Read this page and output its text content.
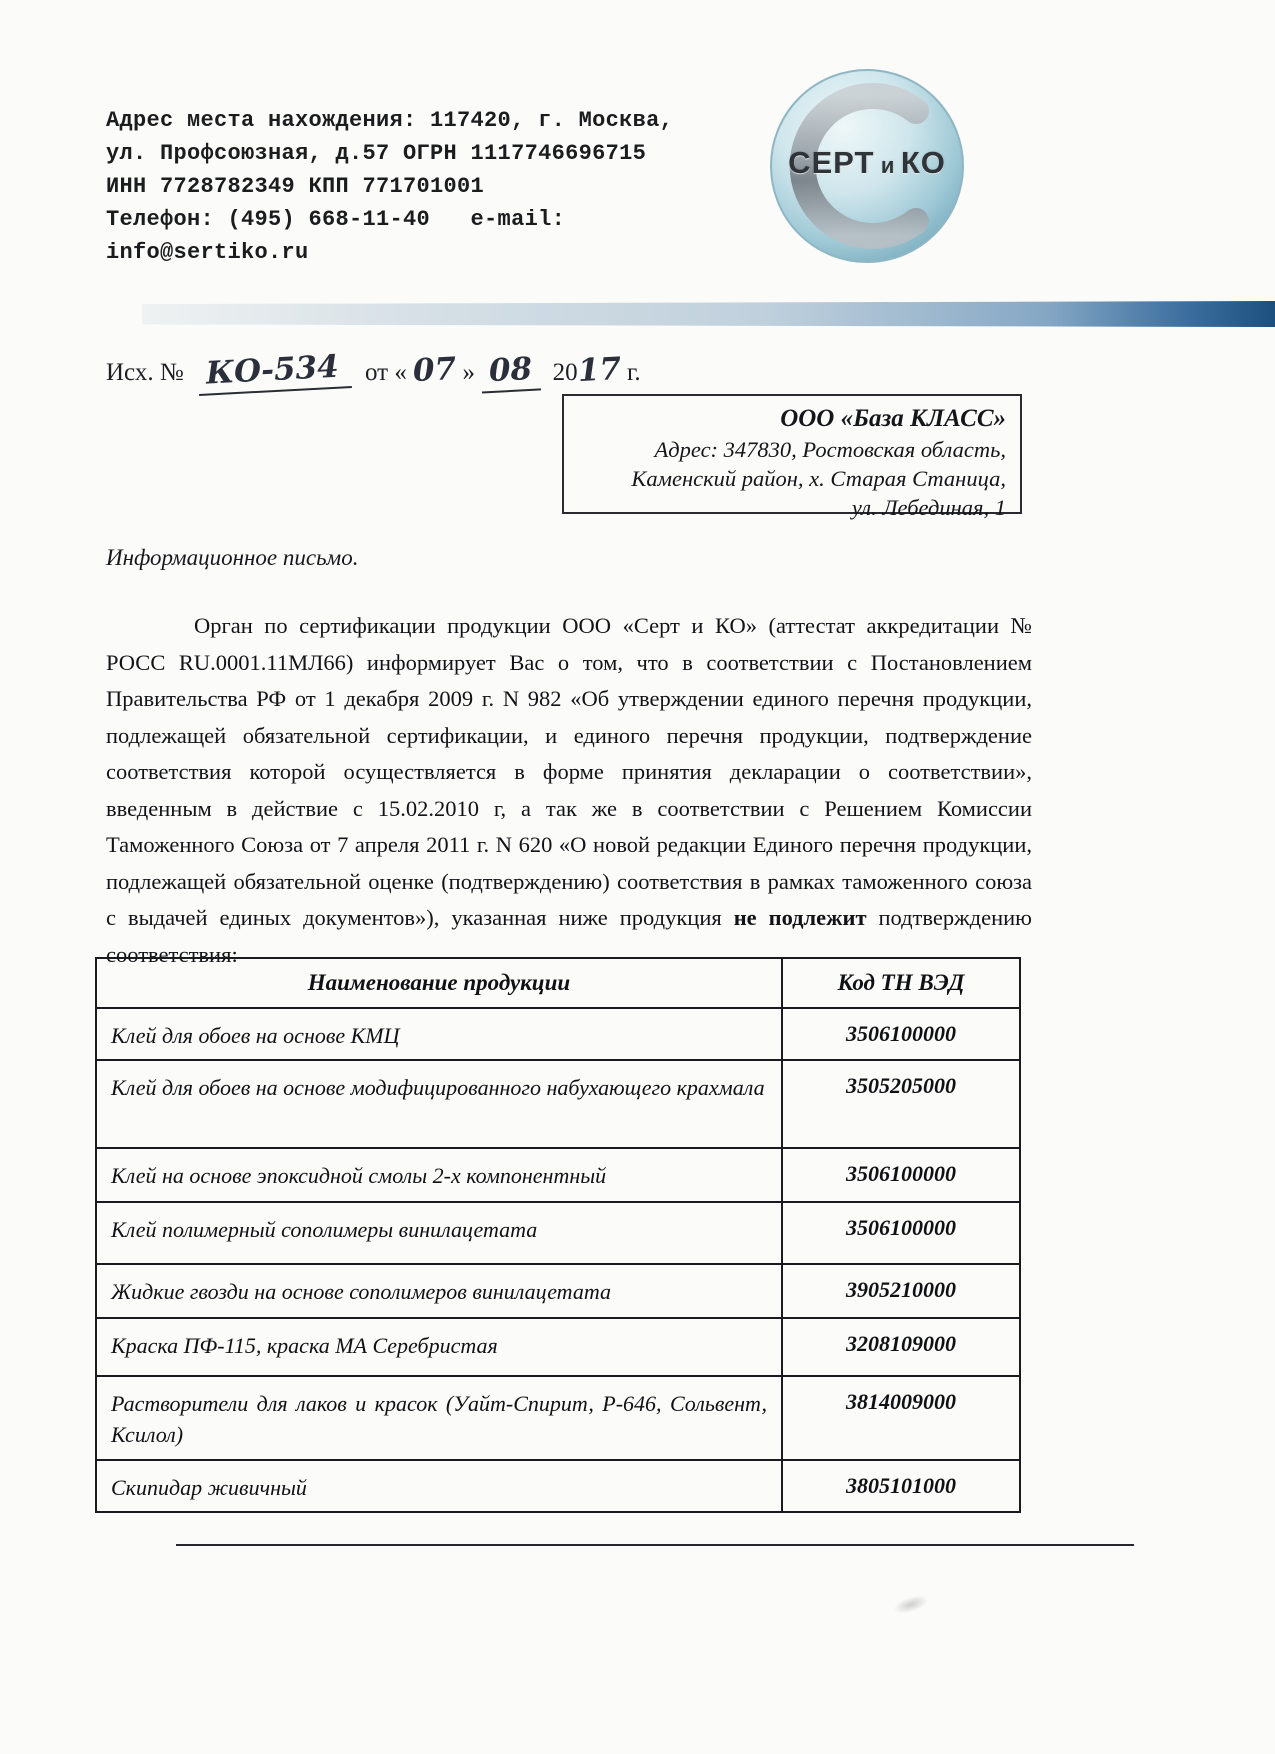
Адрес места нахождения: 117420, г. Москва,
ул. Профсоюзная, д.57 ОГРН 1117746696715
ИНН 7728782349 КПП 771701001
Телефон: (495) 668-11-40   e-mail:
info@sertiko.ru
СЕРТ и КО
Исх. № КО-534 от « 07 » 08 2017 г.
ООО «База КЛАСС»
Адрес: 347830, Ростовская область,
Каменский район, х. Старая Станица,
ул. Лебединая, 1
Информационное письмо.

Орган по сертификации продукции ООО «Серт и КО» (аттестат аккредитации № РОСС RU.0001.11МЛ66) информирует Вас о том, что в соответствии с Постановлением Правительства РФ от 1 декабря 2009 г. N 982 «Об утверждении единого перечня продукции, подлежащей обязательной сертификации, и единого перечня продукции, подтверждение соответствия которой осуществляется в форме принятия декларации о соответствии», введенным в действие с 15.02.2010 г, а так же в соответствии с Решением Комиссии Таможенного Союза от 7 апреля 2011 г. N 620 «О новой редакции Единого перечня продукции, подлежащей обязательной оценке (подтверждению) соответствия в рамках таможенного союза с выдачей единых документов»), указанная ниже продукция не подлежит подтверждению соответствия:

Наименование продукции	Код ТН ВЭД
Клей для обоев на основе КМЦ	3506100000
Клей для обоев на основе модифицированного набухающего крахмала	3505205000
Клей на основе эпоксидной смолы 2-х компонентный	3506100000
Клей полимерный сополимеры винилацетата	3506100000
Жидкие гвозди на основе сополимеров винилацетата	3905210000
Краска ПФ-115, краска МА Серебристая	3208109000
Растворители для лаков и красок (Уайт-Спирит, Р-646, Сольвент, Ксилол)	3814009000
Скипидар живичный	3805101000
